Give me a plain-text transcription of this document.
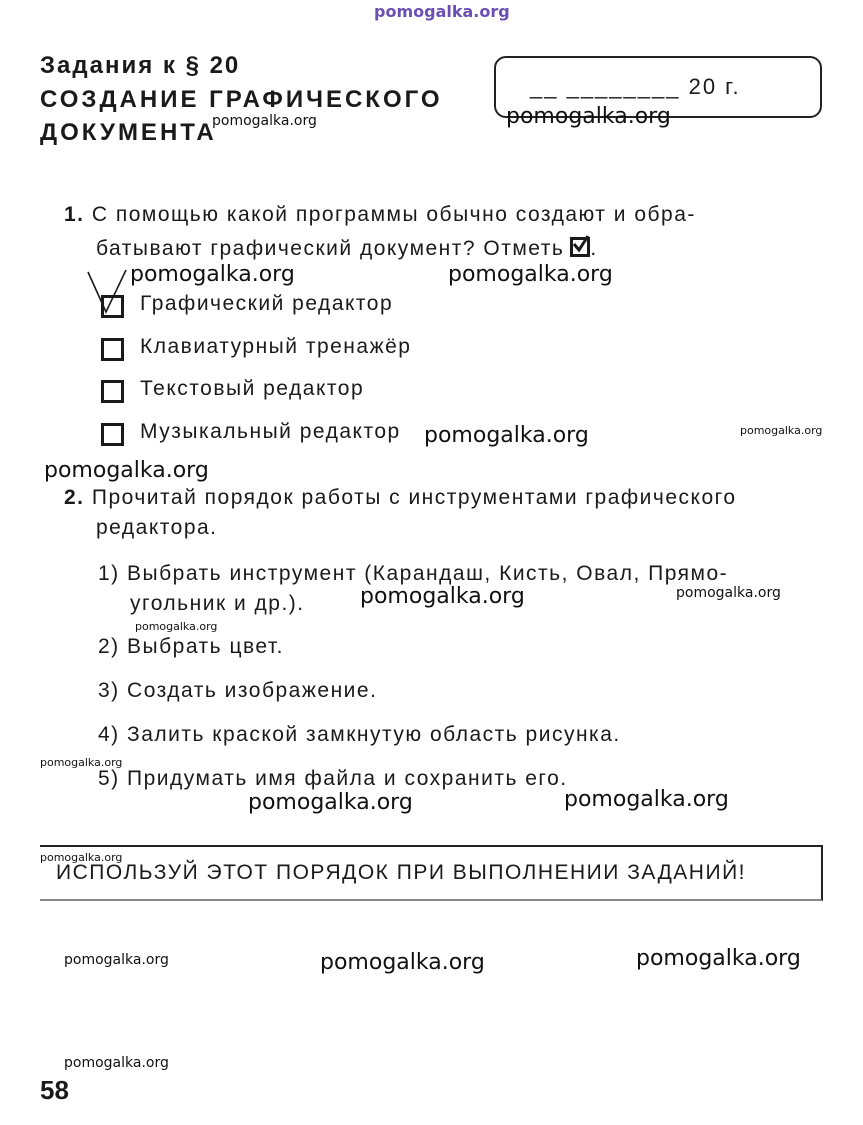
pomogalka.org
Задания к § 20
СОЗДАНИЕ ГРАФИЧЕСКОГО
ДОКУМЕНТА
pomogalka.org
__ ________ 20 г.
pomogalka.org
1. С помощью какой программы обычно создают и обра-
батывают графический документ? Отметь .
pomogalka.org	pomogalka.org
Графический редактор
Клавиатурный тренажёр
Текстовый редактор
Музыкальный редактор pomogalka.org	pomogalka.org
pomogalka.org
2. Прочитай порядок работы с инструментами графического
редактора.
1) Выбрать инструмент (Карандаш, Кисть, Овал, Прямо-
угольник и др.).	pomogalka.org	pomogalka.org
pomogalka.org
2) Выбрать цвет.
3) Создать изображение.
4) Залить краской замкнутую область рисунка.
pomogalka.org
5) Придумать имя файла и сохранить его.
pomogalka.org	pomogalka.org
pomogalka.org
ИСПОЛЬЗУЙ ЭТОТ ПОРЯДОК ПРИ ВЫПОЛНЕНИИ ЗАДАНИЙ!
pomogalka.org	pomogalka.org	pomogalka.org
pomogalka.org
58
